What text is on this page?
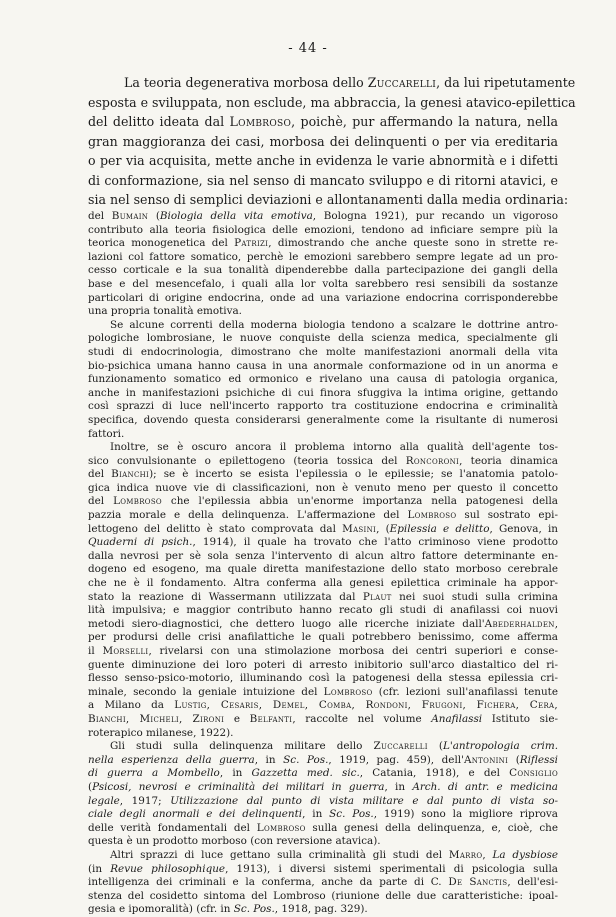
- 44 -
La teoria degenerativa morbosa dello Zuccarelli, da lui ripetutamente
esposta e sviluppata, non esclude, ma abbraccia, la genesi atavico-epilettica
del delitto ideata dal Lombroso, poichè, pur affermando la natura, nella
gran maggioranza dei casi, morbosa dei delinquenti o per via ereditaria
o per via acquisita, mette anche in evidenza le varie abnormità e i difetti
di conformazione, sia nel senso di mancato sviluppo e di ritorni atavici, e
sia nel senso di semplici deviazioni e allontanamenti dalla media ordinaria:
del Bumain (Biologia della vita emotiva, Bologna 1921), pur recando un vigoroso
contributo alla teoria fisiologica delle emozioni, tendono ad inficiare sempre più la
teorica monogenetica del Patrizi, dimostrando che anche queste sono in strette re-
lazioni col fattore somatico, perchè le emozioni sarebbero sempre legate ad un pro-
cesso corticale e la sua tonalità dipenderebbe dalla partecipazione dei gangli della
base e del mesencefalo, i quali alla lor volta sarebbero resi sensibili da sostanze
particolari di origine endocrina, onde ad una variazione endocrina corrisponderebbe
una propria tonalità emotiva.
Se alcune correnti della moderna biologia tendono a scalzare le dottrine antro-
pologiche lombrosiane, le nuove conquiste della scienza medica, specialmente gli
studi di endocrinologia, dimostrano che molte manifestazioni anormali della vita
bio-psichica umana hanno causa in una anormale conformazione od in un anorma e
funzionamento somatico ed ormonico e rivelano una causa di patologia organica,
anche in manifestazioni psichiche di cui finora sfuggiva la intima origine, gettando
così sprazzi di luce nell'incerto rapporto tra costituzione endocrina e criminalità
specifica, dovendo questa considerarsi generalmente come la risultante di numerosi
fattori.
Inoltre, se è oscuro ancora il problema intorno alla qualità dell'agente tos-
sico convulsionante o epilettogeno (teoria tossica del Roncoroni, teoria dinamica
del Bianchi); se è incerto se esista l'epilessia o le epilessie; se l'anatomia patolo-
gica indica nuove vie di classificazioni, non è venuto meno per questo il concetto
del Lombroso che l'epilessia abbia un'enorme importanza nella patogenesi della
pazzia morale e della delinquenza. L'affermazione del Lombroso sul sostrato epi-
lettogeno del delitto è stato comprovata dal Masini, (Epilessia e delitto, Genova, in
Quaderni di psich., 1914), il quale ha trovato che l'atto criminoso viene prodotto
dalla nevrosi per sè sola senza l'intervento di alcun altro fattore determinante en-
dogeno ed esogeno, ma quale diretta manifestazione dello stato morboso cerebrale
che ne è il fondamento. Altra conferma alla genesi epilettica criminale ha appor-
stato la reazione di Wassermann utilizzata dal Plaut nei suoi studi sulla crimina
lità impulsiva; e maggior contributo hanno recato gli studi di anafilassi coi nuovi
metodi siero-diagnostici, che dettero luogo alle ricerche iniziate dall'Abederhalden,
per prodursi delle crisi anafilattiche le quali potrebbero benissimo, come afferma
il Morselli, rivelarsi con una stimolazione morbosa dei centri superiori e conse-
guente diminuzione dei loro poteri di arresto inibitorio sull'arco diastaltico del ri-
flesso senso-psico-motorio, illuminando così la patogenesi della stessa epilessia cri-
minale, secondo la geniale intuizione del Lombroso (cfr. lezioni sull'anafilassi tenute
a Milano da Lustig, Cesaris, Demel, Comba, Rondoni, Frugoni, Fichera, Cera,
Bianchi, Micheli, Zironi e Belfanti, raccolte nel volume Anafilassi Istituto sie-
roterapico milanese, 1922).
Gli studi sulla delinquenza militare dello Zuccarelli (L'antropologia crim.
nella esperienza della guerra, in Sc. Pos., 1919, pag. 459), dell'Antonini (Riflessi
di guerra a Mombello, in Gazzetta med. sic., Catania, 1918), e del Consiglio
(Psicosi, nevrosi e criminalità dei militari in guerra, in Arch. di antr. e medicina
legale, 1917; Utilizzazione dal punto di vista militare e dal punto di vista so-
ciale degli anormali e dei delinquenti, in Sc. Pos., 1919) sono la migliore riprova
delle verità fondamentali del Lombroso sulla genesi della delinquenza, e, cioè, che
questa è un prodotto morboso (con reversione atavica).
Altri sprazzi di luce gettano sulla criminalità gli studi del Marro, La dysbiose
(in Revue philosophique, 1913), i diversi sistemi sperimentali di psicologia sulla
intelligenza dei criminali e la conferma, anche da parte di C. De Sanctis, dell'esi-
stenza del cosidetto sintoma del Lombroso (riunione delle due caratteristiche: ipoal-
gesia e ipomoralità) (cfr. in Sc. Pos., 1918, pag. 329).
